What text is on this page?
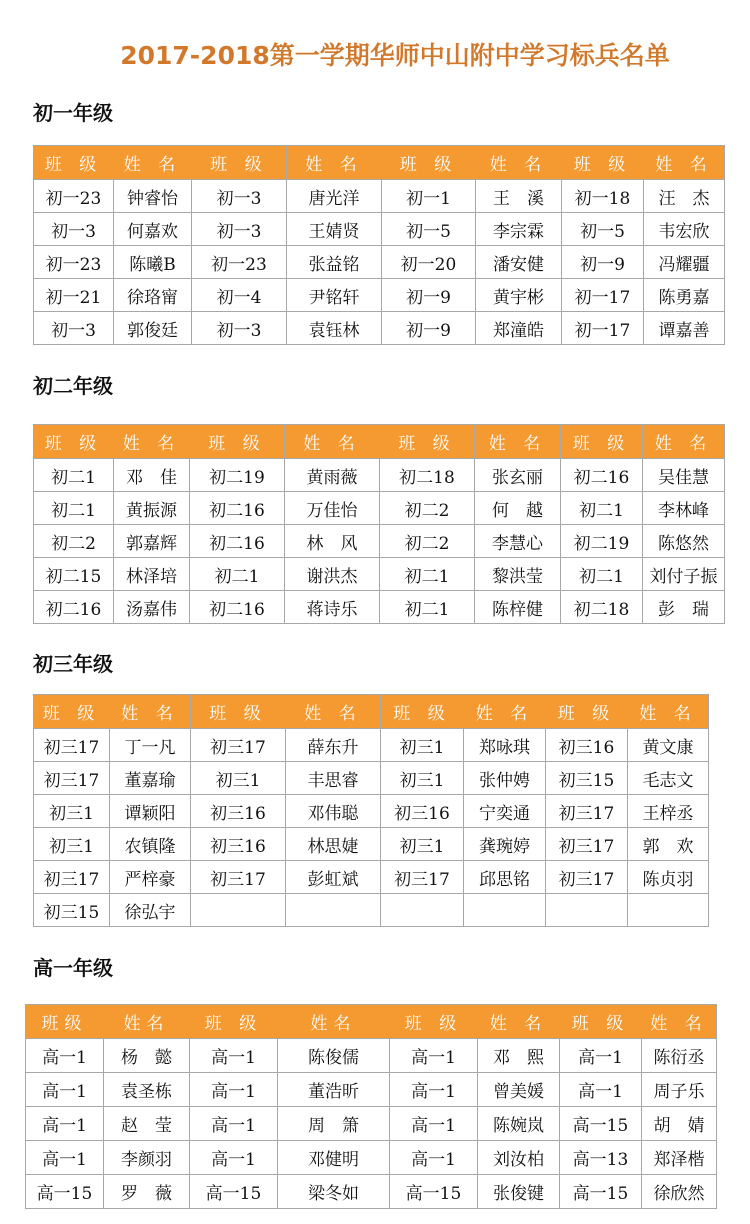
2017-2018第一学期华师中山附中学习标兵名单
初一年级
班 级	姓 名	班 级	姓 名	班 级	姓 名	班 级	姓 名
初一23	钟睿怡	初一3	唐光洋	初一1	王　溪	初一18	汪　杰
初一3	何嘉欢	初一3	王婧贤	初一5	李宗霖	初一5	韦宏欣
初一23	陈曦B	初一23	张益铭	初一20	潘安健	初一9	冯耀疆
初一21	徐珞甯	初一4	尹铭轩	初一9	黄宇彬	初一17	陈勇嘉
初一3	郭俊廷	初一3	袁钰林	初一9	郑潼皓	初一17	谭嘉善
初二年级
班 级	姓 名	班 级	姓 名	班 级	姓 名	班 级	姓 名
初二1	邓　佳	初二19	黄雨薇	初二18	张玄丽	初二16	吴佳慧
初二1	黄振源	初二16	万佳怡	初二2	何　越	初二1	李林峰
初二2	郭嘉辉	初二16	林　风	初二2	李慧心	初二19	陈悠然
初二15	林泽培	初二1	谢洪杰	初二1	黎洪莹	初二1	刘付子振
初二16	汤嘉伟	初二16	蒋诗乐	初二1	陈梓健	初二18	彭　瑞
初三年级
班 级	姓 名	班 级	姓 名	班 级	姓 名	班 级	姓 名
初三17	丁一凡	初三17	薛东升	初三1	郑咏琪	初三16	黄文康
初三17	董嘉瑜	初三1	丰思睿	初三1	张仲娉	初三15	毛志文
初三1	谭颖阳	初三16	邓伟聪	初三16	宁奕通	初三17	王梓丞
初三1	农镇隆	初三16	林思婕	初三1	龚琬婷	初三17	郭　欢
初三17	严梓豪	初三17	彭虹斌	初三17	邱思铭	初三17	陈贞羽
初三15	徐弘宇						
高一年级
班级	姓名	班 级	姓名	班 级	姓 名	班 级	姓 名
高一1	杨　懿	高一1	陈俊儒	高一1	邓　熙	高一1	陈衍丞
高一1	袁圣栋	高一1	董浩昕	高一1	曾美媛	高一1	周子乐
高一1	赵　莹	高一1	周　箫	高一1	陈婉岚	高一15	胡　婧
高一1	李颜羽	高一1	邓健明	高一1	刘汝柏	高一13	郑泽楷
高一15	罗　薇	高一15	梁冬如	高一15	张俊键	高一15	徐欣然
